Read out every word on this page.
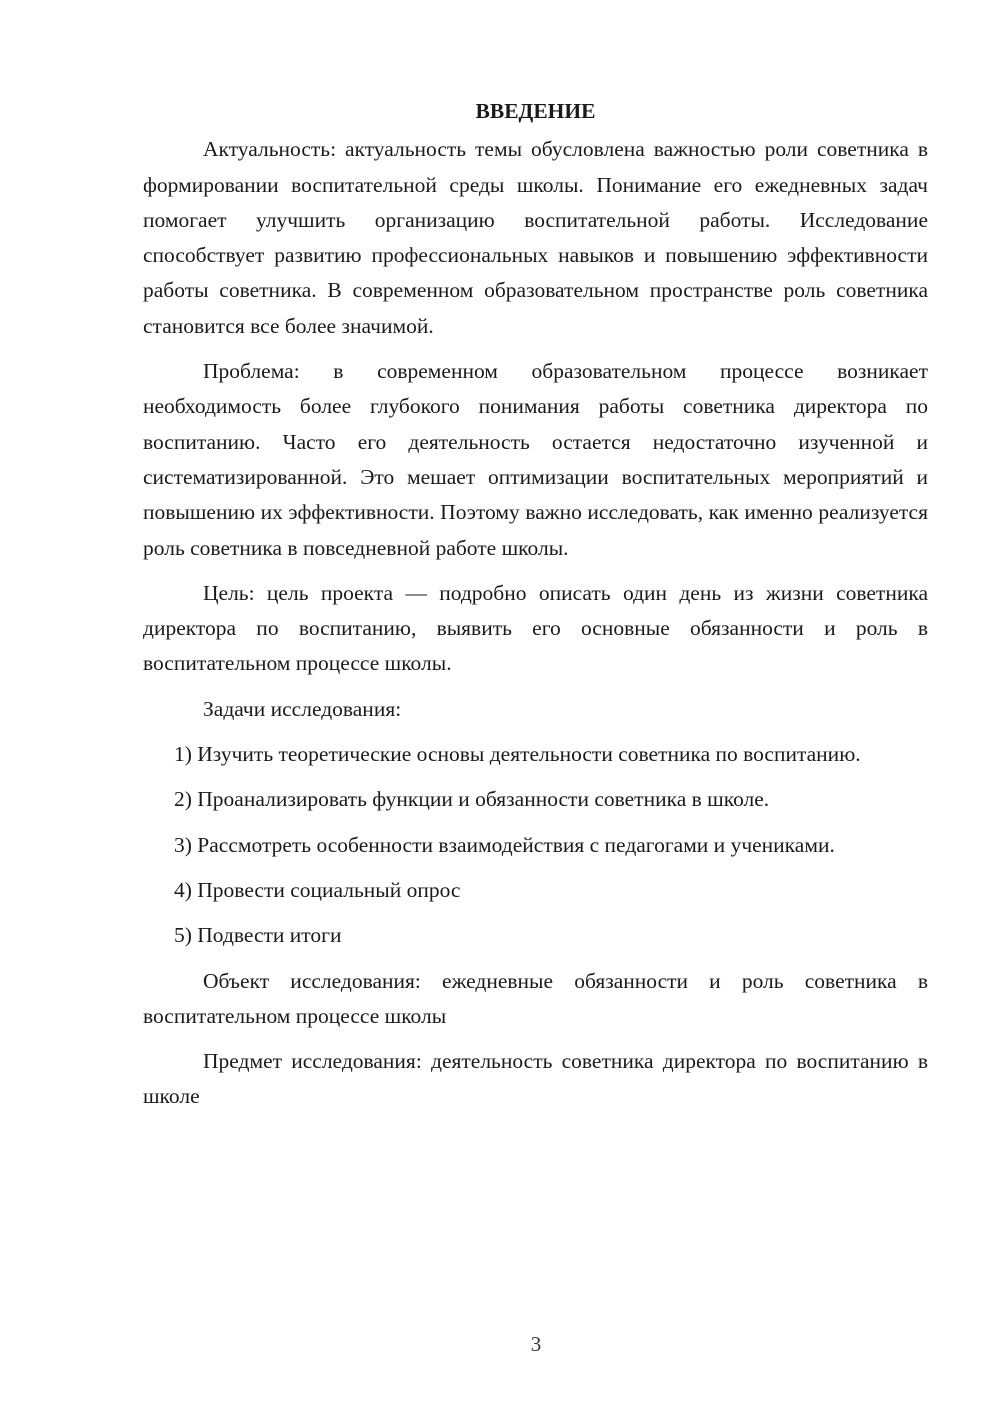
ВВЕДЕНИЕ

Актуальность: актуальность темы обусловлена важностью роли советника в формировании воспитательной среды школы. Понимание его ежедневных задач помогает улучшить организацию воспитательной работы. Исследование способствует развитию профессиональных навыков и повышению эффективности работы советника. В современном образовательном пространстве роль советника становится все более значимой.

Проблема: в современном образовательном процессе возникает необходимость более глубокого понимания работы советника директора по воспитанию. Часто его деятельность остается недостаточно изученной и систематизированной. Это мешает оптимизации воспитательных мероприятий и повышению их эффективности. Поэтому важно исследовать, как именно реализуется роль советника в повседневной работе школы.

Цель: цель проекта — подробно описать один день из жизни советника директора по воспитанию, выявить его основные обязанности и роль в воспитательном процессе школы.

Задачи исследования:

1) Изучить теоретические основы деятельности советника по воспитанию.

2) Проанализировать функции и обязанности советника в школе.

3) Рассмотреть особенности взаимодействия с педагогами и учениками.

4) Провести социальный опрос

5) Подвести итоги

Объект исследования: ежедневные обязанности и роль советника в воспитательном процессе школы

Предмет исследования: деятельность советника директора по воспитанию в школе

3
